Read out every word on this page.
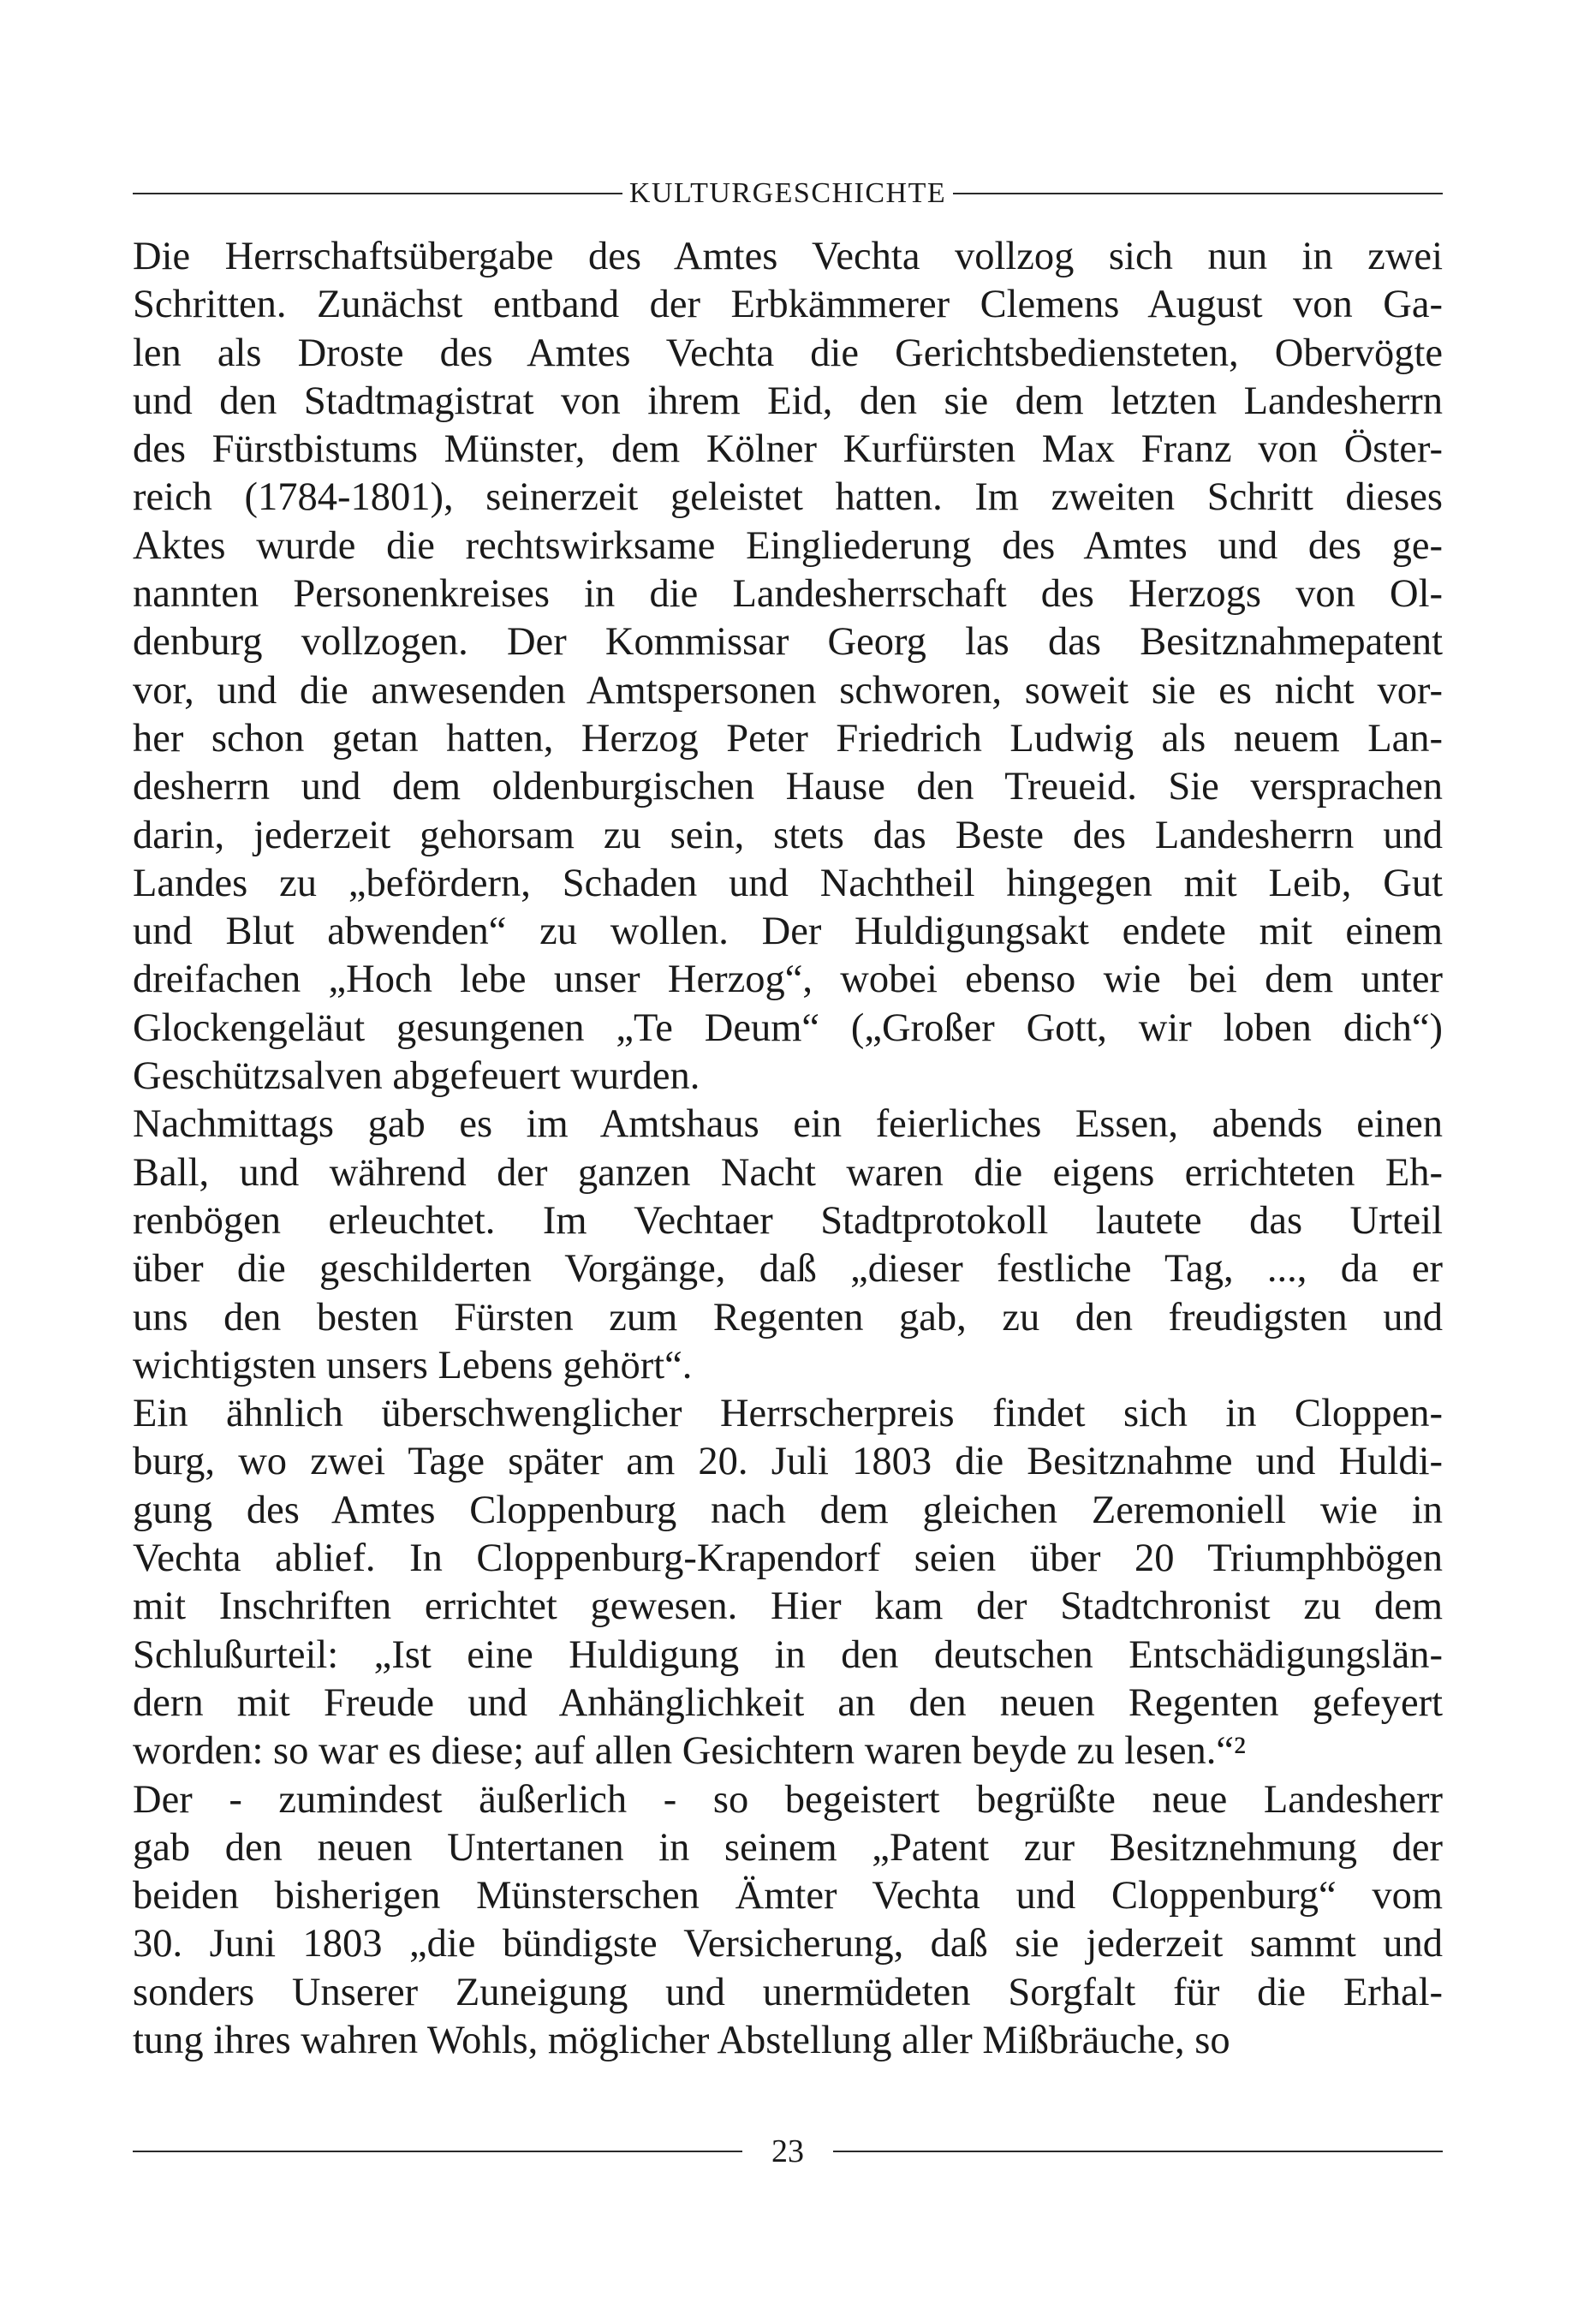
KULTURGESCHICHTE
Die Herrschaftsübergabe des Amtes Vechta vollzog sich nun in zwei
Schritten. Zunächst entband der Erbkämmerer Clemens August von Ga-
len als Droste des Amtes Vechta die Gerichtsbediensteten, Obervögte
und den Stadtmagistrat von ihrem Eid, den sie dem letzten Landesherrn
des Fürstbistums Münster, dem Kölner Kurfürsten Max Franz von Öster-
reich (1784-1801), seinerzeit geleistet hatten. Im zweiten Schritt dieses
Aktes wurde die rechtswirksame Eingliederung des Amtes und des ge-
nannten Personenkreises in die Landesherrschaft des Herzogs von Ol-
denburg vollzogen. Der Kommissar Georg las das Besitznahmepatent
vor, und die anwesenden Amtspersonen schworen, soweit sie es nicht vor-
her schon getan hatten, Herzog Peter Friedrich Ludwig als neuem Lan-
desherrn und dem oldenburgischen Hause den Treueid. Sie versprachen
darin, jederzeit gehorsam zu sein, stets das Beste des Landesherrn und
Landes zu „befördern, Schaden und Nachtheil hingegen mit Leib, Gut
und Blut abwenden“ zu wollen. Der Huldigungsakt endete mit einem
dreifachen „Hoch lebe unser Herzog“, wobei ebenso wie bei dem unter
Glockengeläut gesungenen „Te Deum“ („Großer Gott, wir loben dich“)
Geschützsalven abgefeuert wurden.
Nachmittags gab es im Amtshaus ein feierliches Essen, abends einen
Ball, und während der ganzen Nacht waren die eigens errichteten Eh-
renbögen erleuchtet. Im Vechtaer Stadtprotokoll lautete das Urteil
über die geschilderten Vorgänge, daß „dieser festliche Tag, ..., da er
uns den besten Fürsten zum Regenten gab, zu den freudigsten und
wichtigsten unsers Lebens gehört“.
Ein ähnlich überschwenglicher Herrscherpreis findet sich in Cloppen-
burg, wo zwei Tage später am 20. Juli 1803 die Besitznahme und Huldi-
gung des Amtes Cloppenburg nach dem gleichen Zeremoniell wie in
Vechta ablief. In Cloppenburg-Krapendorf seien über 20 Triumphbögen
mit Inschriften errichtet gewesen. Hier kam der Stadtchronist zu dem
Schlußurteil: „Ist eine Huldigung in den deutschen Entschädigungslän-
dern mit Freude und Anhänglichkeit an den neuen Regenten gefeyert
worden: so war es diese; auf allen Gesichtern waren beyde zu lesen.“²
Der - zumindest äußerlich - so begeistert begrüßte neue Landesherr
gab den neuen Untertanen in seinem „Patent zur Besitznehmung der
beiden bisherigen Münsterschen Ämter Vechta und Cloppenburg“ vom
30. Juni 1803 „die bündigste Versicherung, daß sie jederzeit sammt und
sonders Unserer Zuneigung und unermüdeten Sorgfalt für die Erhal-
tung ihres wahren Wohls, möglicher Abstellung aller Mißbräuche, so
23
